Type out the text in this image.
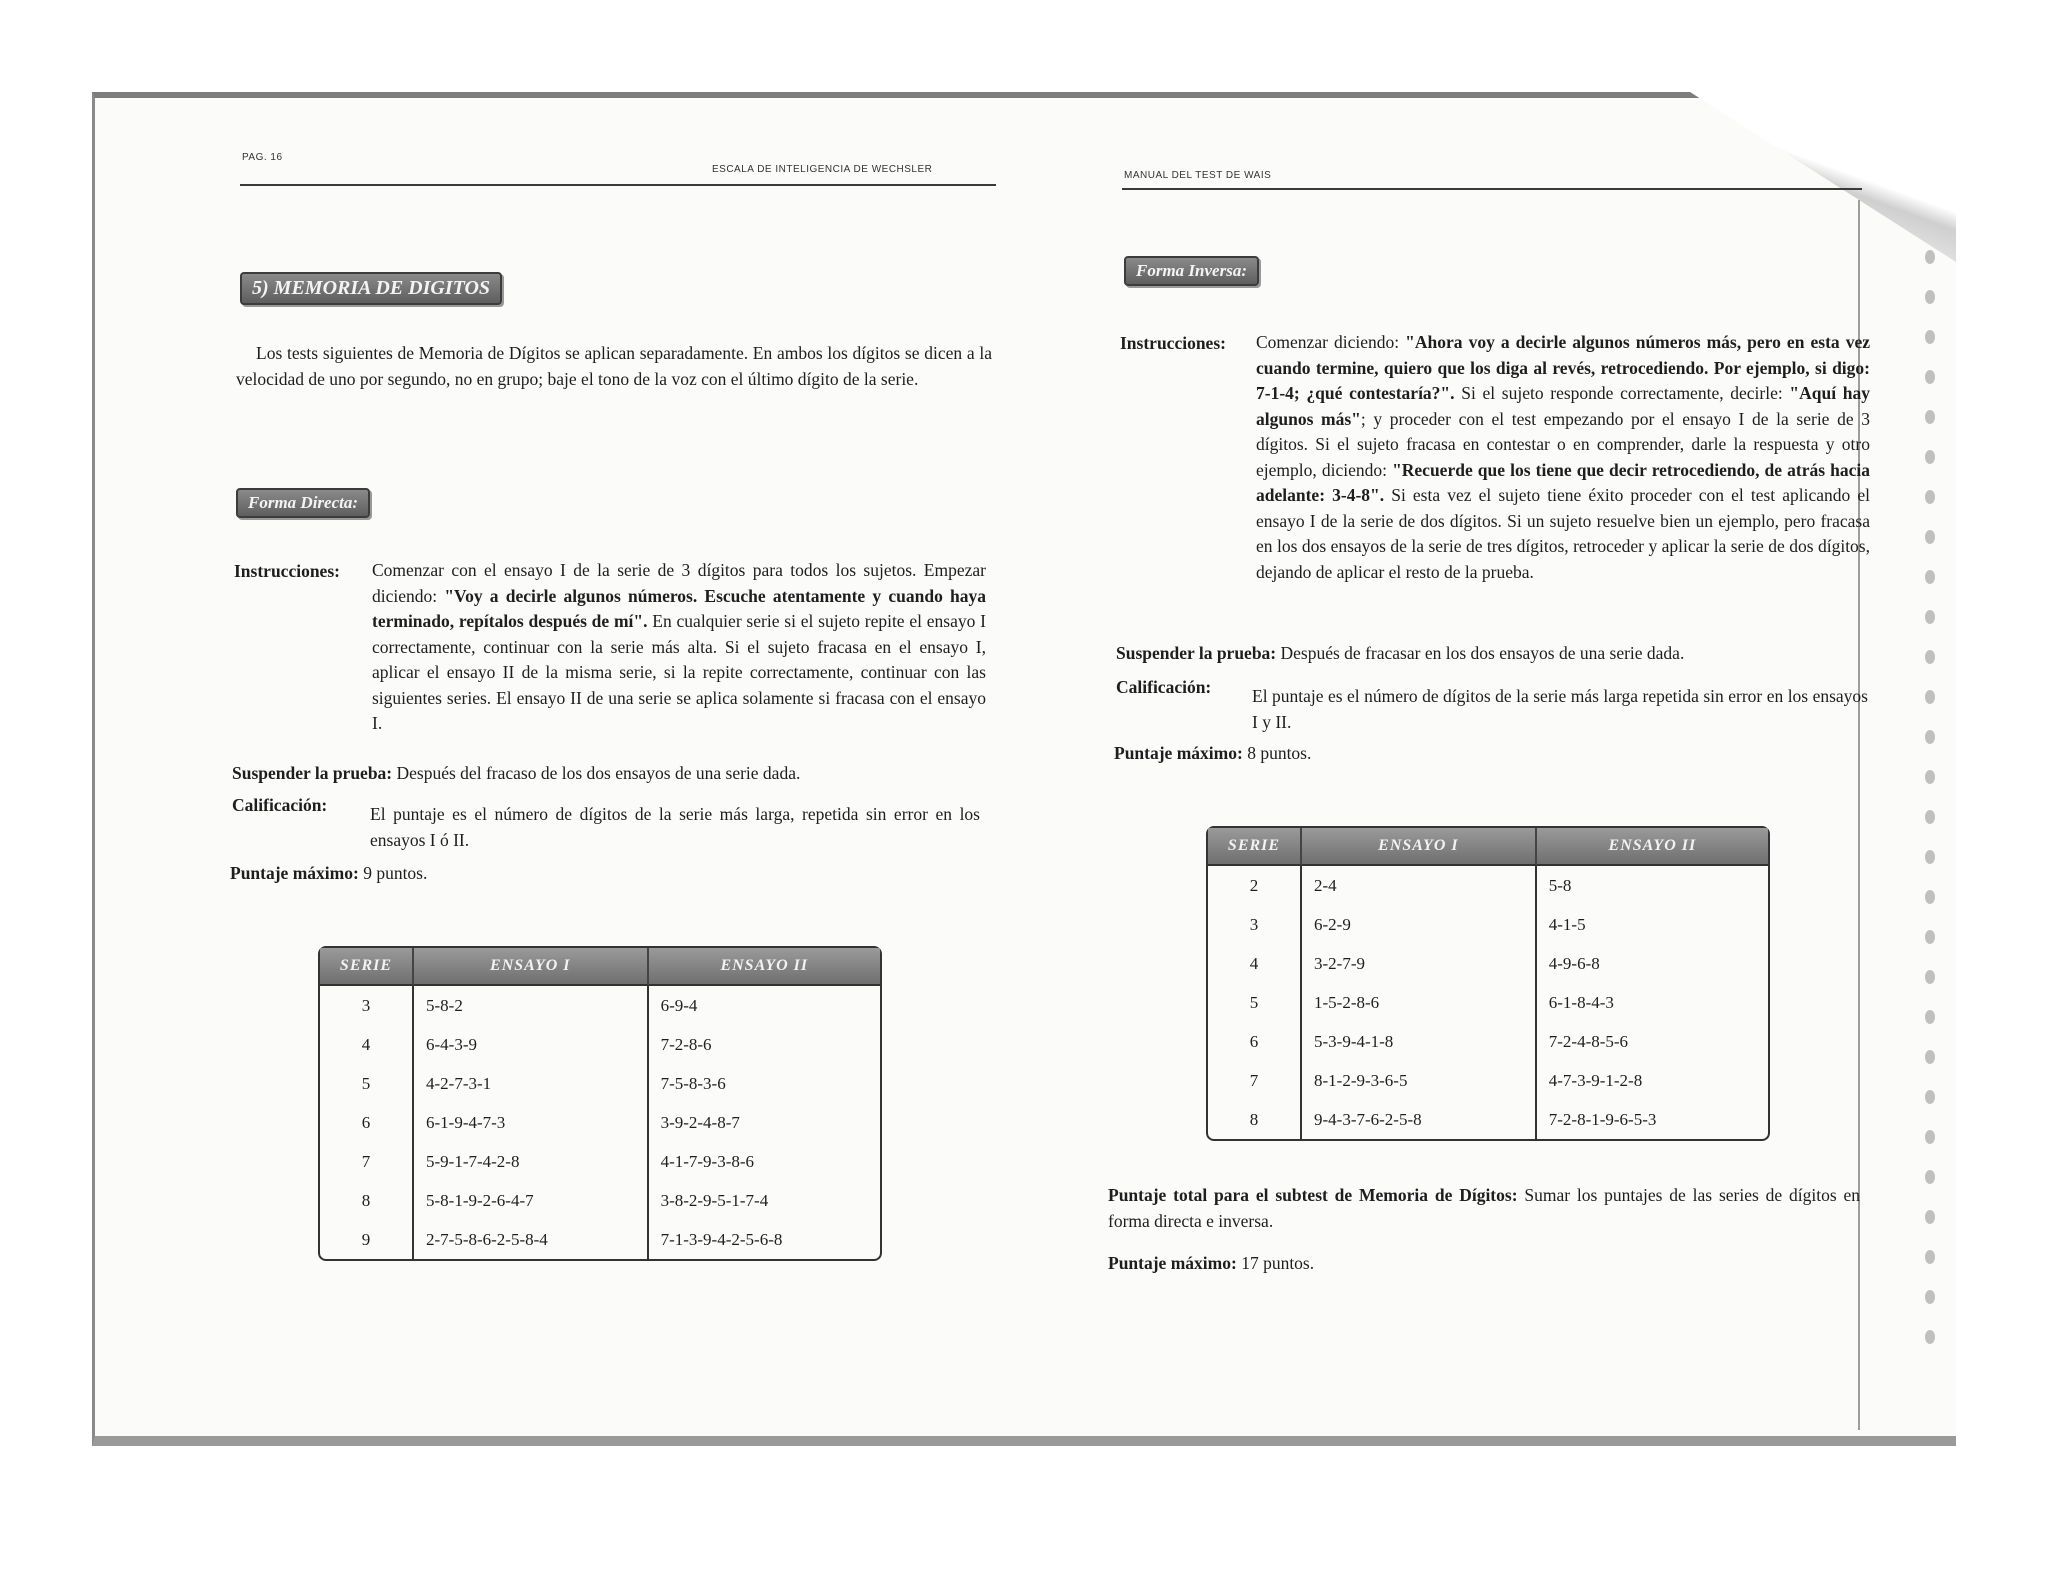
PAG. 16
ESCALA DE INTELIGENCIA DE WECHSLER
5) MEMORIA DE DIGITOS
Los tests siguientes de Memoria de Dígitos se aplican separadamente. En ambos los dígitos se dicen a la velocidad de uno por segundo, no en grupo; baje el tono de la voz con el último dígito de la serie.
Forma Directa:
Instrucciones: Comenzar con el ensayo I de la serie de 3 dígitos para todos los sujetos. Empezar diciendo: "Voy a decirle algunos números. Escuche atentamente y cuando haya terminado, repítalos después de mí". En cualquier serie si el sujeto repite el ensayo I correctamente, continuar con la serie más alta. Si el sujeto fracasa en el ensayo I, aplicar el ensayo II de la misma serie, si la repite correctamente, continuar con las siguientes series. El ensayo II de una serie se aplica solamente si fracasa con el ensayo I.
Suspender la prueba: Después del fracaso de los dos ensayos de una serie dada.
Calificación: El puntaje es el número de dígitos de la serie más larga, repetida sin error en los ensayos I ó II.
Puntaje máximo: 9 puntos.
SERIE	ENSAYO I	ENSAYO II
3	5-8-2	6-9-4
4	6-4-3-9	7-2-8-6
5	4-2-7-3-1	7-5-8-3-6
6	6-1-9-4-7-3	3-9-2-4-8-7
7	5-9-1-7-4-2-8	4-1-7-9-3-8-6
8	5-8-1-9-2-6-4-7	3-8-2-9-5-1-7-4
9	2-7-5-8-6-2-5-8-4	7-1-3-9-4-2-5-6-8
MANUAL DEL TEST DE WAIS
Forma Inversa:
Instrucciones: Comenzar diciendo: "Ahora voy a decirle algunos números más, pero en esta vez cuando termine, quiero que los diga al revés, retrocediendo. Por ejemplo, si digo: 7-1-4; ¿qué contestaría?". Si el sujeto responde correctamente, decirle: "Aquí hay algunos más"; y proceder con el test empezando por el ensayo I de la serie de 3 dígitos. Si el sujeto fracasa en contestar o en comprender, darle la respuesta y otro ejemplo, diciendo: "Recuerde que los tiene que decir retrocediendo, de atrás hacia adelante: 3-4-8". Si esta vez el sujeto tiene éxito proceder con el test aplicando el ensayo I de la serie de dos dígitos. Si un sujeto resuelve bien un ejemplo, pero fracasa en los dos ensayos de la serie de tres dígitos, retroceder y aplicar la serie de dos dígitos, dejando de aplicar el resto de la prueba.
Suspender la prueba: Después de fracasar en los dos ensayos de una serie dada.
Calificación: El puntaje es el número de dígitos de la serie más larga repetida sin error en los ensayos I y II.
Puntaje máximo: 8 puntos.
SERIE	ENSAYO I	ENSAYO II
2	2-4	5-8
3	6-2-9	4-1-5
4	3-2-7-9	4-9-6-8
5	1-5-2-8-6	6-1-8-4-3
6	5-3-9-4-1-8	7-2-4-8-5-6
7	8-1-2-9-3-6-5	4-7-3-9-1-2-8
8	9-4-3-7-6-2-5-8	7-2-8-1-9-6-5-3
Puntaje total para el subtest de Memoria de Dígitos: Sumar los puntajes de las series de dígitos en forma directa e inversa.
Puntaje máximo: 17 puntos.
